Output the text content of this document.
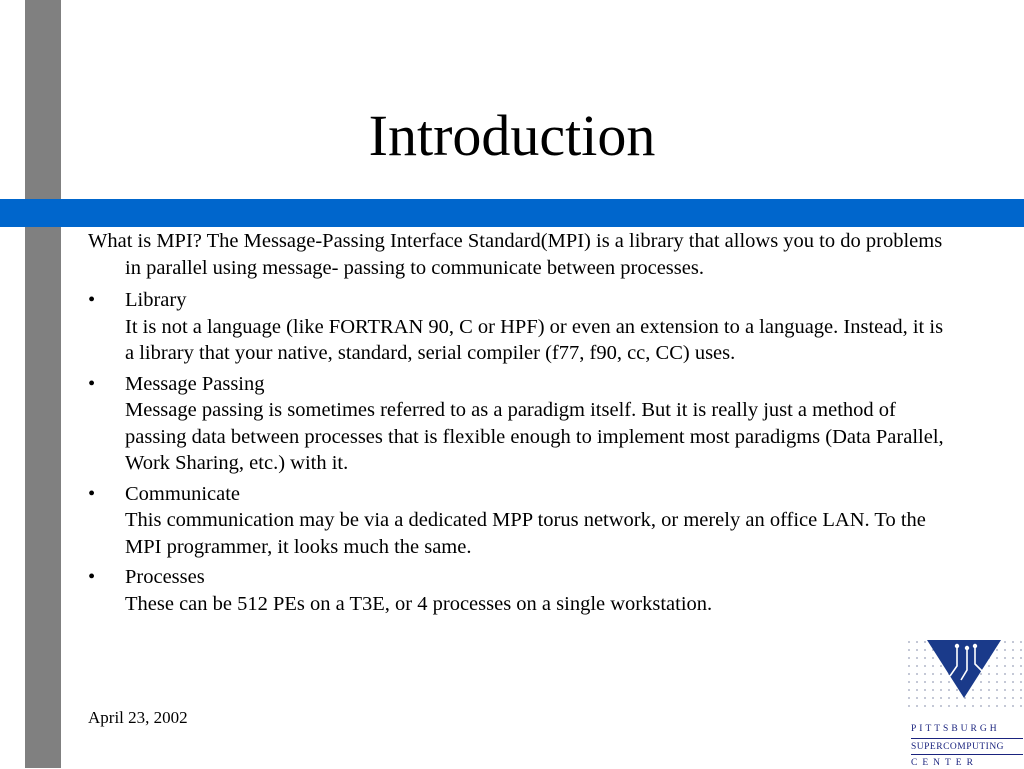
Introduction

What is MPI? The Message-Passing Interface Standard(MPI) is a library that allows you to do problems in parallel using message- passing to communicate between processes.

•	Library
It is not a language (like FORTRAN 90, C or HPF) or even an extension to a language. Instead, it is a library that your native, standard, serial compiler (f77, f90, cc, CC) uses.
•	Message Passing
Message passing is sometimes referred to as a paradigm itself. But it is really just a method of passing data between processes that is flexible enough to implement most paradigms (Data Parallel, Work Sharing, etc.) with it.
•	Communicate
This communication may be via a dedicated MPP torus network, or merely an office LAN. To the MPI programmer, it looks much the same.
•	Processes
These can be 512 PEs on a T3E, or 4 processes on a single workstation.
April 23, 2002
PITTSBURGH
SUPERCOMPUTING
CENTER
